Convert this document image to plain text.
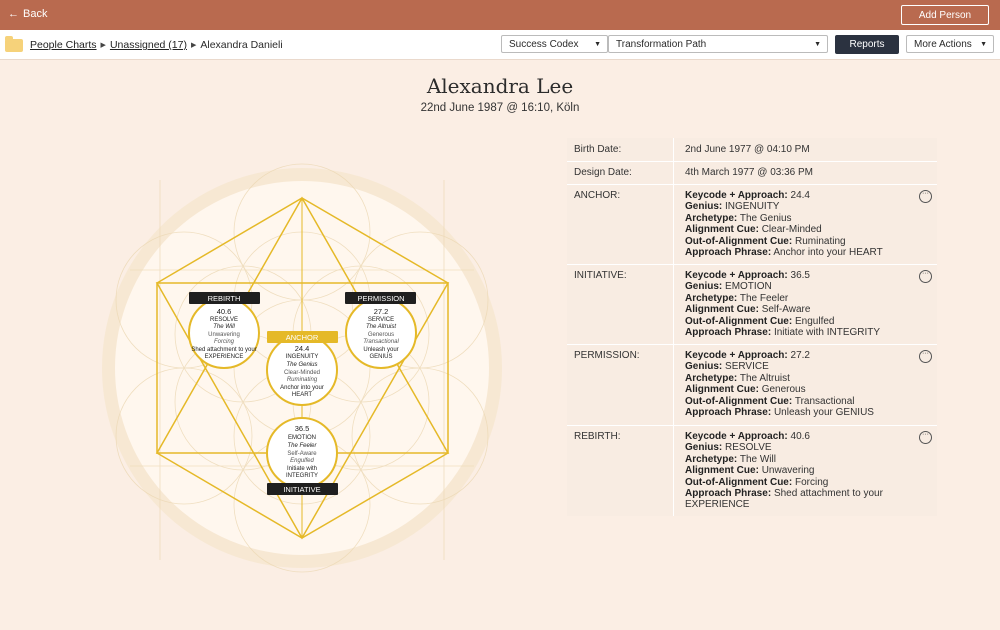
← Back	Add Person
People Charts ▶ Unassigned (17) ▶ Alexandra Danieli	Success Codex ▼ Transformation Path	▼	Reports	More Actions ▼
Alexandra Lee
22nd June 1987 @ 16:10, Köln
REBIRTH
40.6
RESOLVE
The Will
Unwavering
Forcing
Shed attachment to your
EXPERIENCE
PERMISSION
27.2
SERVICE
The Altruist
Generous
Transactional
Unleash your
GENIUS
ANCHOR
24.4
INGENUITY
The Genius
Clear-Minded
Ruminating
Anchor into your
HEART
36.5
EMOTION
The Feeler
Self-Aware
Engulfed
Initiate with
INTEGRITY
INITIATIVE
Birth Date:	2nd June 1977 @ 04:10 PM
Design Date:	4th March 1977 @ 03:36 PM
ANCHOR:	Keycode + Approach: 24.4
Genius: INGENUITY
Archetype: The Genius
Alignment Cue: Clear-Minded
Out-of-Alignment Cue: Ruminating
Approach Phrase: Anchor into your HEART
···
INITIATIVE:	Keycode + Approach: 36.5
Genius: EMOTION
Archetype: The Feeler
Alignment Cue: Self-Aware
Out-of-Alignment Cue: Engulfed
Approach Phrase: Initiate with INTEGRITY
···
PERMISSION:	Keycode + Approach: 27.2
Genius: SERVICE
Archetype: The Altruist
Alignment Cue: Generous
Out-of-Alignment Cue: Transactional
Approach Phrase: Unleash your GENIUS
···
REBIRTH:	Keycode + Approach: 40.6
Genius: RESOLVE
Archetype: The Will
Alignment Cue: Unwavering
Out-of-Alignment Cue: Forcing
Approach Phrase: Shed attachment to your EXPERIENCE
···
